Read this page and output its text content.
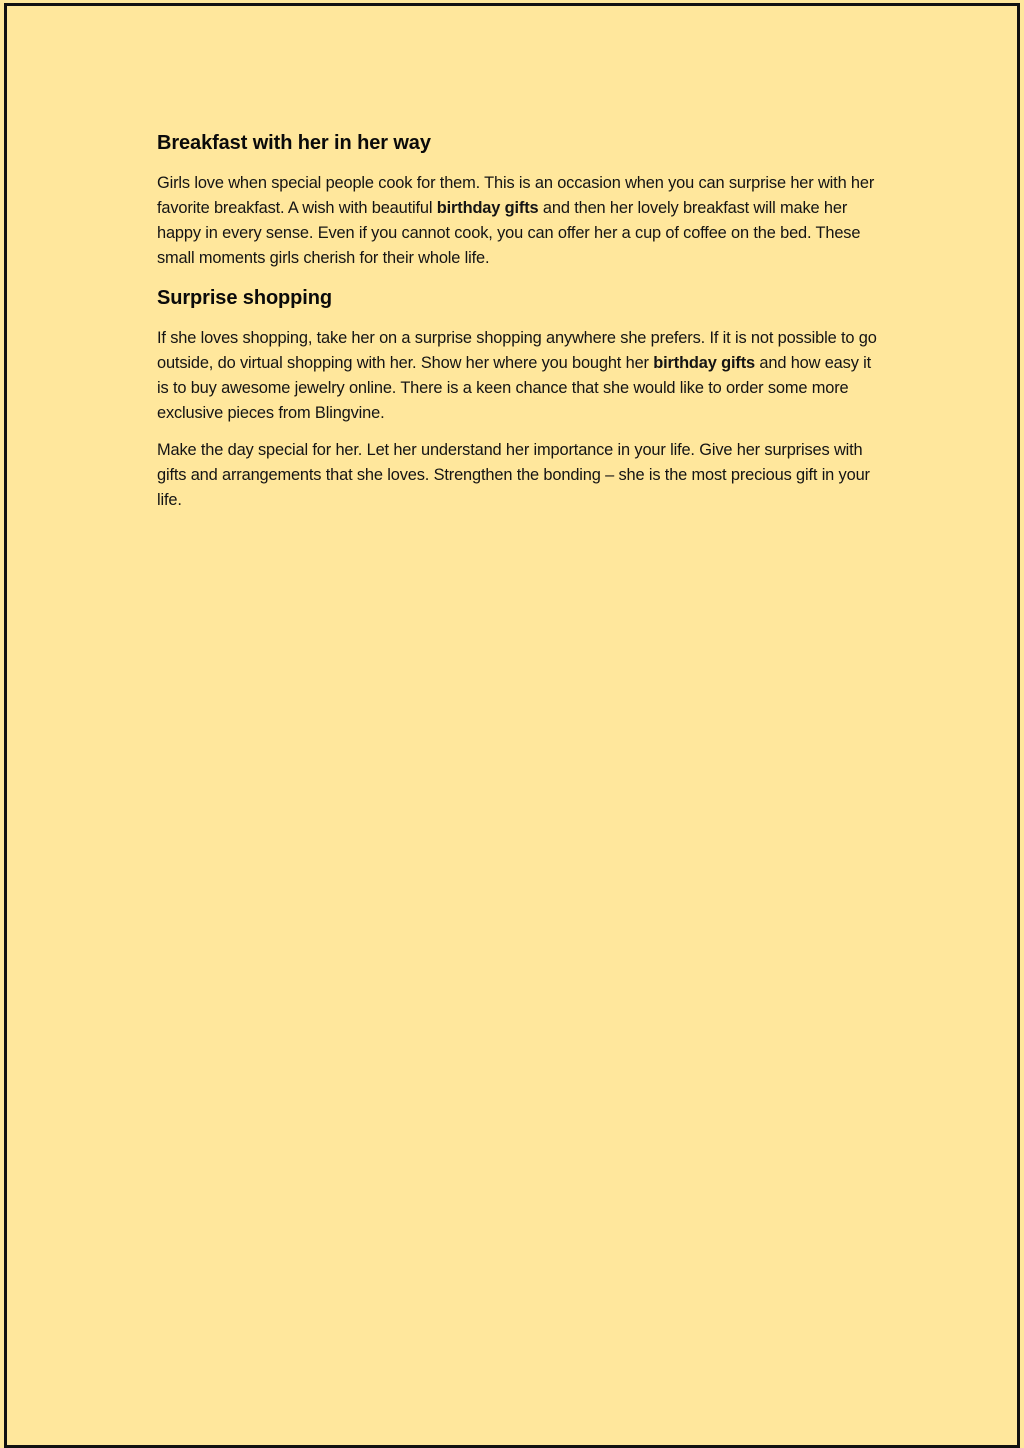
Breakfast with her in her way

Girls love when special people cook for them. This is an occasion when you can surprise her with her favorite breakfast. A wish with beautiful birthday gifts and then her lovely breakfast will make her happy in every sense. Even if you cannot cook, you can offer her a cup of coffee on the bed. These small moments girls cherish for their whole life.

Surprise shopping

If she loves shopping, take her on a surprise shopping anywhere she prefers. If it is not possible to go outside, do virtual shopping with her. Show her where you bought her birthday gifts and how easy it is to buy awesome jewelry online. There is a keen chance that she would like to order some more exclusive pieces from Blingvine.

Make the day special for her. Let her understand her importance in your life. Give her surprises with gifts and arrangements that she loves. Strengthen the bonding – she is the most precious gift in your life.
